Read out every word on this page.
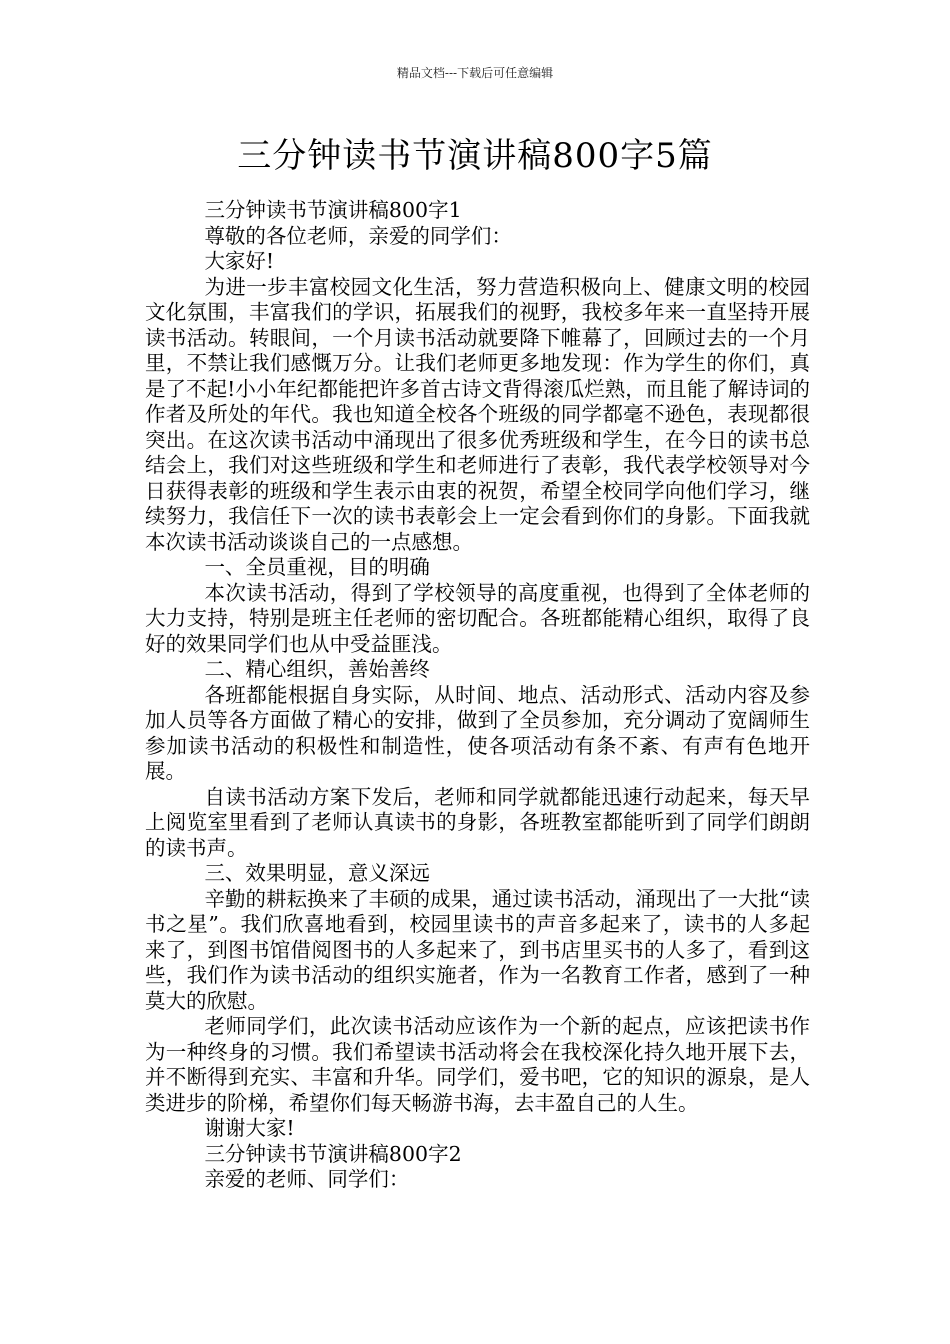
精品文档---下载后可任意编辑
三分钟读书节演讲稿800字5篇

三分钟读书节演讲稿800字1

尊敬的各位老师，亲爱的同学们：

大家好!

为进一步丰富校园文化生活，努力营造积极向上、健康文明的校园文化氛围，丰富我们的学识，拓展我们的视野，我校多年来一直坚持开展读书活动。转眼间，一个月读书活动就要降下帷幕了，回顾过去的一个月里，不禁让我们感慨万分。让我们老师更多地发现：作为学生的你们，真是了不起!小小年纪都能把许多首古诗文背得滚瓜烂熟，而且能了解诗词的作者及所处的年代。我也知道全校各个班级的同学都毫不逊色，表现都很突出。在这次读书活动中涌现出了很多优秀班级和学生，在今日的读书总结会上，我们对这些班级和学生和老师进行了表彰，我代表学校领导对今日获得表彰的班级和学生表示由衷的祝贺，希望全校同学向他们学习，继续努力，我信任下一次的读书表彰会上一定会看到你们的身影。下面我就本次读书活动谈谈自己的一点感想。

一、全员重视，目的明确

本次读书活动，得到了学校领导的高度重视，也得到了全体老师的大力支持，特别是班主任老师的密切配合。各班都能精心组织，取得了良好的效果同学们也从中受益匪浅。

二、精心组织，善始善终

各班都能根据自身实际，从时间、地点、活动形式、活动内容及参加人员等各方面做了精心的安排，做到了全员参加，充分调动了宽阔师生参加读书活动的积极性和制造性，使各项活动有条不紊、有声有色地开展。

自读书活动方案下发后，老师和同学就都能迅速行动起来，每天早上阅览室里看到了老师认真读书的身影，各班教室都能听到了同学们朗朗的读书声。

三、效果明显，意义深远

辛勤的耕耘换来了丰硕的成果，通过读书活动，涌现出了一大批“读书之星”。我们欣喜地看到，校园里读书的声音多起来了，读书的人多起来了，到图书馆借阅图书的人多起来了，到书店里买书的人多了，看到这些，我们作为读书活动的组织实施者，作为一名教育工作者，感到了一种莫大的欣慰。

老师同学们，此次读书活动应该作为一个新的起点，应该把读书作为一种终身的习惯。我们希望读书活动将会在我校深化持久地开展下去，并不断得到充实、丰富和升华。同学们，爱书吧，它的知识的源泉，是人类进步的阶梯，希望你们每天畅游书海，去丰盈自己的人生。

谢谢大家!

三分钟读书节演讲稿800字2

亲爱的老师、同学们：
